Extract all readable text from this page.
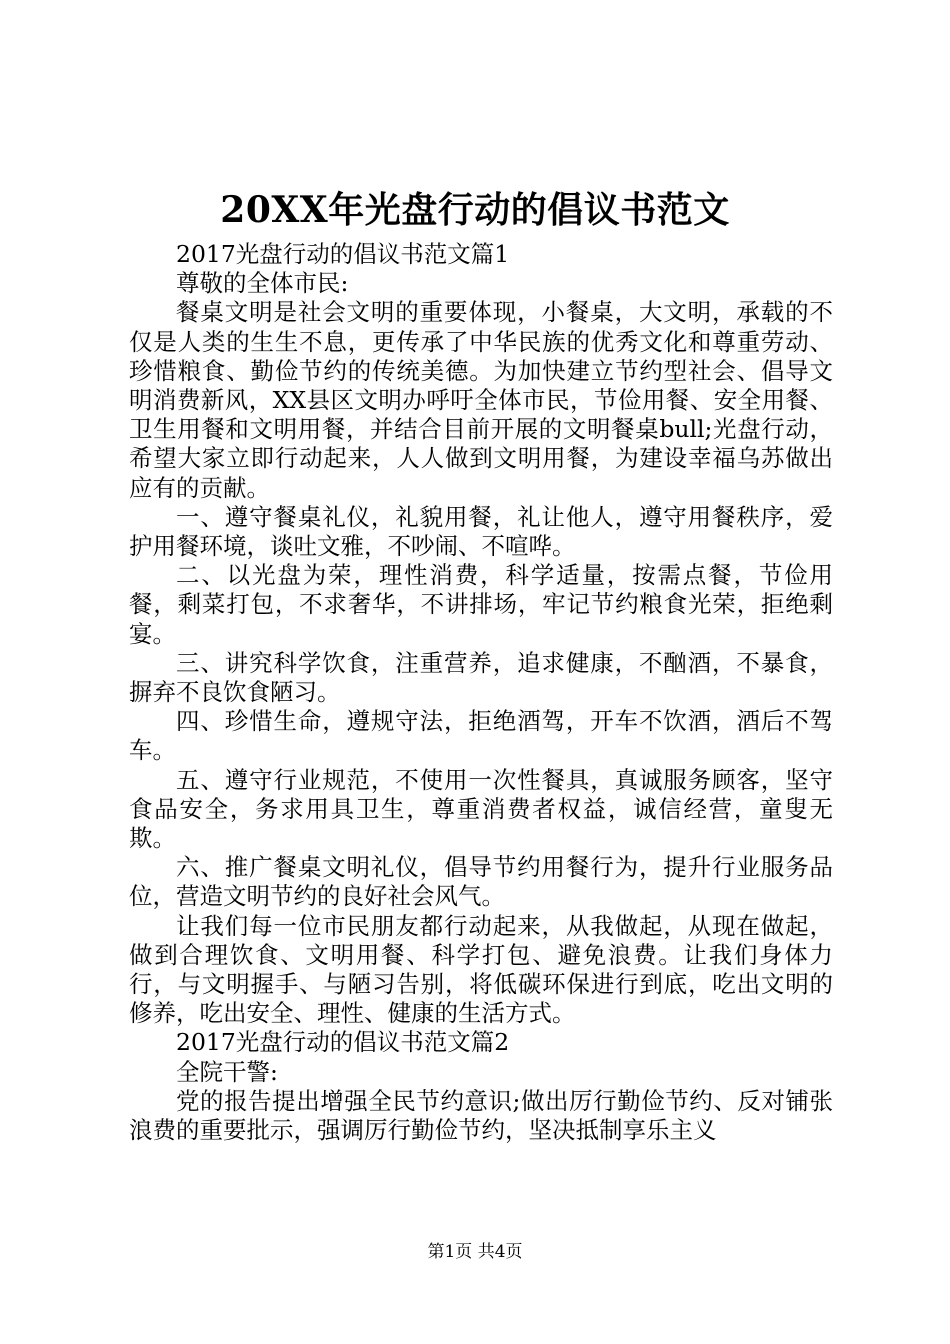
20XX年光盘行动的倡议书范文

2017光盘行动的倡议书范文篇1

尊敬的全体市民:

餐桌文明是社会文明的重要体现，小餐桌，大文明，承载的不仅是人类的生生不息，更传承了中华民族的优秀文化和尊重劳动、珍惜粮食、勤俭节约的传统美德。为加快建立节约型社会、倡导文明消费新风，XX县区文明办呼吁全体市民，节俭用餐、安全用餐、卫生用餐和文明用餐，并结合目前开展的文明餐桌bull;光盘行动，希望大家立即行动起来，人人做到文明用餐，为建设幸福乌苏做出应有的贡献。

一、遵守餐桌礼仪，礼貌用餐，礼让他人，遵守用餐秩序，爱护用餐环境，谈吐文雅，不吵闹、不喧哗。

二、以光盘为荣，理性消费，科学适量，按需点餐，节俭用餐，剩菜打包，不求奢华，不讲排场，牢记节约粮食光荣，拒绝剩宴。

三、讲究科学饮食，注重营养，追求健康，不酗酒，不暴食，摒弃不良饮食陋习。

四、珍惜生命，遵规守法，拒绝酒驾，开车不饮酒，酒后不驾车。

五、遵守行业规范，不使用一次性餐具，真诚服务顾客，坚守食品安全，务求用具卫生，尊重消费者权益，诚信经营，童叟无欺。

六、推广餐桌文明礼仪，倡导节约用餐行为，提升行业服务品位，营造文明节约的良好社会风气。

让我们每一位市民朋友都行动起来，从我做起，从现在做起，做到合理饮食、文明用餐、科学打包、避免浪费。让我们身体力行，与文明握手、与陋习告别，将低碳环保进行到底，吃出文明的修养，吃出安全、理性、健康的生活方式。

2017光盘行动的倡议书范文篇2

全院干警:

党的报告提出增强全民节约意识;做出厉行勤俭节约、反对铺张浪费的重要批示，强调厉行勤俭节约，坚决抵制享乐主义

第1页 共4页
